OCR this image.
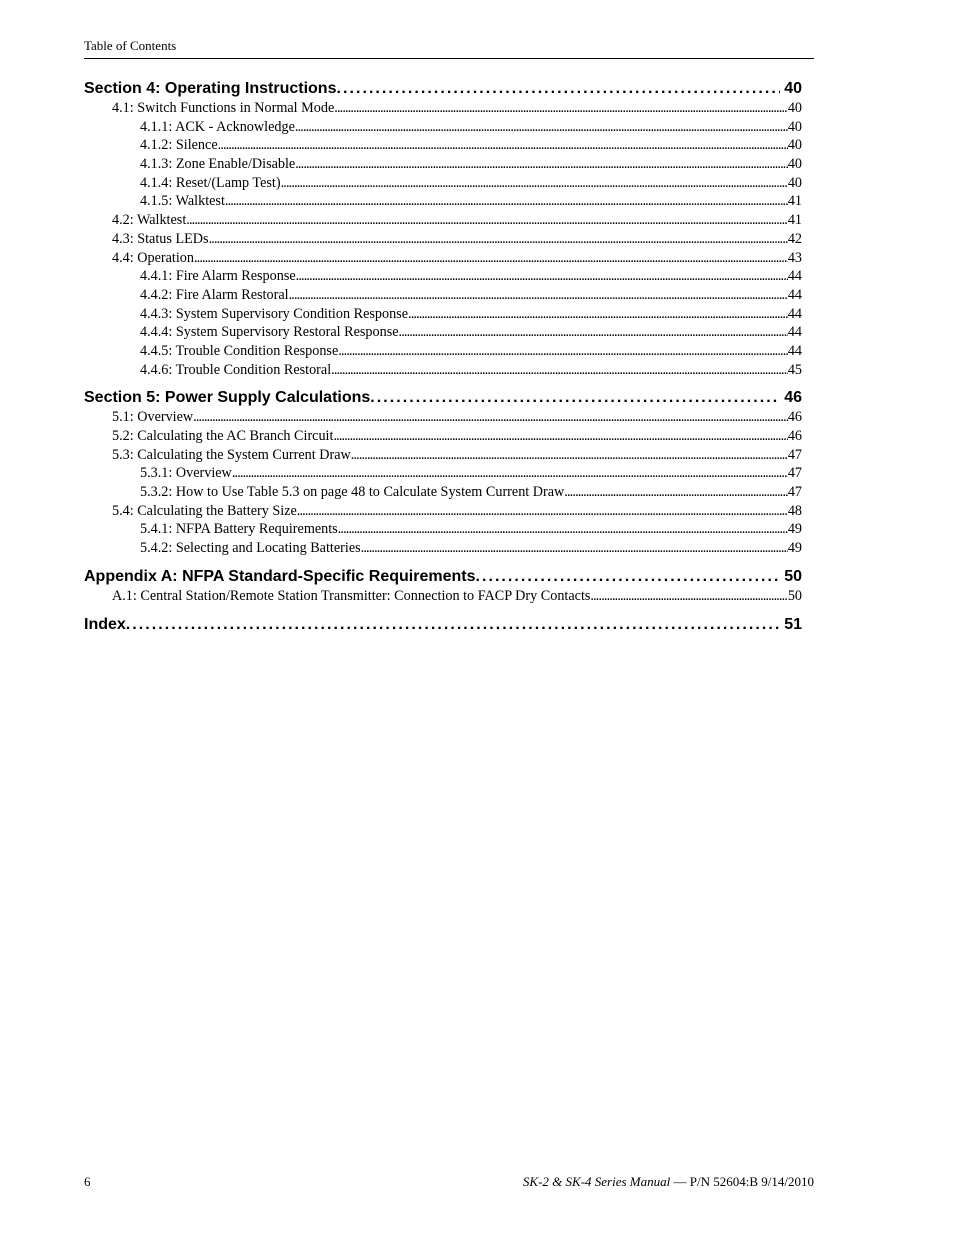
Table of Contents
Section 4: Operating Instructions . . .	40
4.1: Switch Functions in Normal Mode . . .	40
4.1.1: ACK - Acknowledge . . .	40
4.1.2: Silence . . .	40
4.1.3: Zone Enable/Disable . . .	40
4.1.4: Reset/(Lamp Test) . . .	40
4.1.5: Walktest . . .	41
4.2: Walktest . . .	41
4.3: Status LEDs . . .	42
4.4: Operation . . .	43
4.4.1: Fire Alarm Response . . .	44
4.4.2: Fire Alarm Restoral . . .	44
4.4.3: System Supervisory Condition Response . . .	44
4.4.4: System Supervisory Restoral Response . . .	44
4.4.5: Trouble Condition Response . . .	44
4.4.6: Trouble Condition Restoral . . .	45
Section 5: Power Supply Calculations . . .	46
5.1: Overview . . .	46
5.2: Calculating the AC Branch Circuit . . .	46
5.3: Calculating the System Current Draw . . .	47
5.3.1: Overview . . .	47
5.3.2: How to Use Table 5.3 on page 48 to Calculate System Current Draw . . .	47
5.4: Calculating the Battery Size . . .	48
5.4.1: NFPA Battery Requirements . . .	49
5.4.2: Selecting and Locating Batteries . . .	49
Appendix A: NFPA Standard-Specific Requirements . . .	50
A.1: Central Station/Remote Station Transmitter: Connection to FACP Dry Contacts . . .	50
Index . . .	51
6	SK-2 & SK-4 Series Manual — P/N 52604:B 9/14/2010
